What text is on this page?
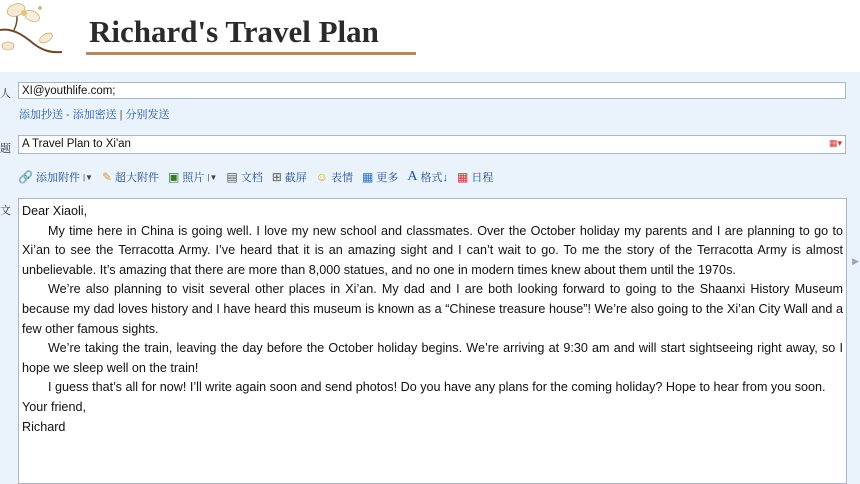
Richard's Travel Plan
人 XI@youthlife.com;
添加抄送 - 添加密送 | 分别发送
题 A Travel Plan to Xi'an	▦▾
🔗 添加附件 |▼ ✎ 超大附件 ▣ 照片 |▼ ▤ 文档 ⊞ 截屏 ☺ 表情 ▦ 更多 A 格式↓ ▦ 日程
文 Dear Xiaoli,

My time here in China is going well. I love my new school and classmates. Over the October holiday my parents and I are planning to go to Xi’an to see the Terracotta Army. I’ve heard that it is an amazing sight and I can’t wait to go. To me the story of the Terracotta Army is almost unbelievable. It’s amazing that there are more than 8,000 statues, and no one in modern times knew about them until the 1970s.

We’re also planning to visit several other places in Xi’an. My dad and I are both looking forward to going to the Shaanxi History Museum because my dad loves history and I have heard this museum is known as a “Chinese treasure house”! We’re also going to the Xi’an City Wall and a few other famous sights.

We’re taking the train, leaving the day before the October holiday begins. We’re arriving at 9:30 am and will start sightseeing right away, so I hope we sleep well on the train!

I guess that’s all for now! I’ll write again soon and send photos! Do you have any plans for the coming holiday? Hope to hear from you soon.

Your friend,

Richard

▶
